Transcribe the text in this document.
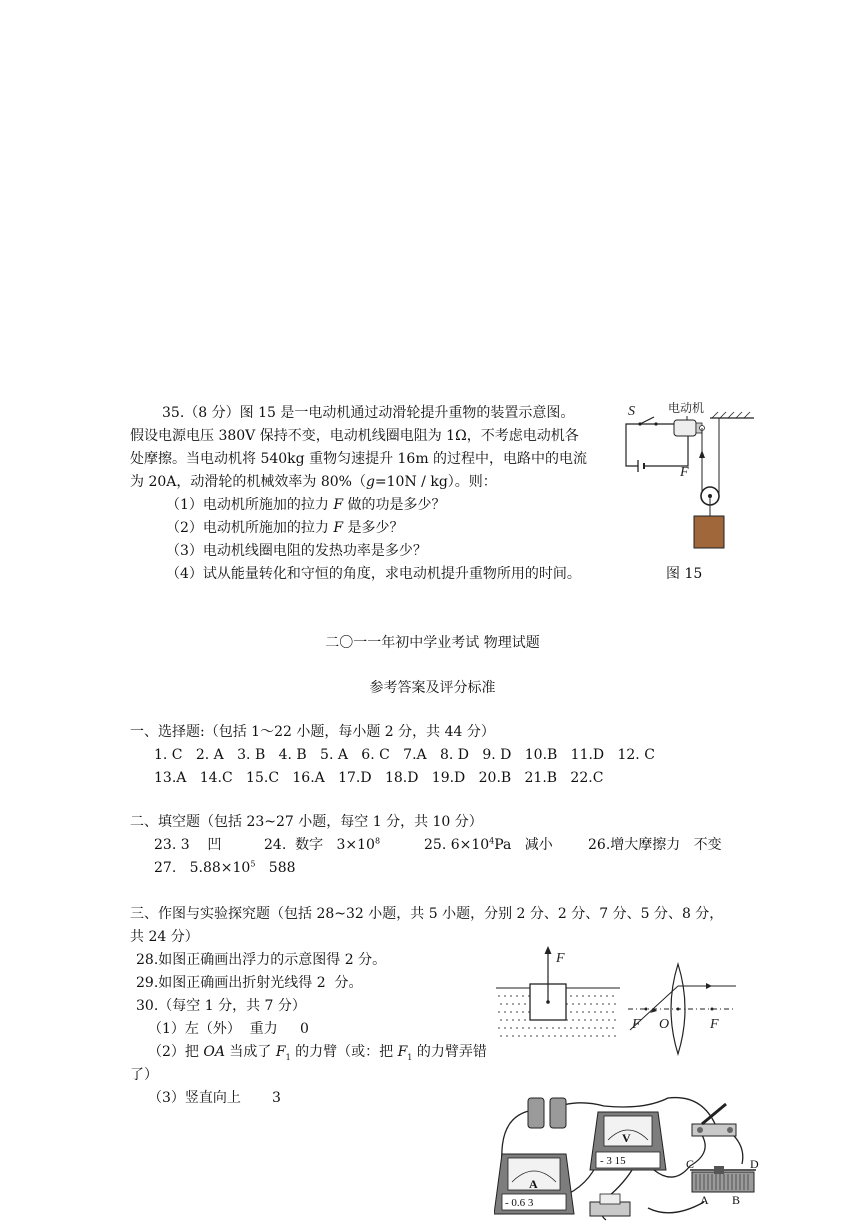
35.（8 分）图 15 是一电动机通过动滑轮提升重物的装置示意图。
假设电源电压 380V 保持不变，电动机线圈电阻为 1Ω，不考虑电动机各
处摩擦。当电动机将 540kg 重物匀速提升 16m 的过程中，电路中的电流
为 20A，动滑轮的机械效率为 80%（g=10N / kg）。则：
（1）电动机所施加的拉力 F 做的功是多少？
（2）电动机所施加的拉力 F 是多少？
（3）电动机线圈电阻的发热功率是多少？
（4）试从能量转化和守恒的角度，求电动机提升重物所用的时间。	图 15
S	电动机
F
二〇一一年初中学业考试 物理试题
参考答案及评分标准
一、选择题:（包括 1～22 小题，每小题 2 分，共 44 分）
1. C   2. A   3. B   4. B   5. A   6. C   7.A   8. D   9. D   10.B   11.D   12. C
13.A   14.C   15.C   16.A   17.D   18.D   19.D   20.B   21.B   22.C
二、填空题（包括 23~27 小题，每空 1 分，共 10 分）
23. 3    凹	24.  数字   $3\times 10^8$	25. $6\times 10^4Pa$   减小	26.增大摩擦力   不变
27.   $5.88\times 10^5$   588
三、作图与实验探究题（包括 28~32 小题，共 5 小题，分别 2 分、2 分、7 分、5 分、8 分，
共 24 分）
28.如图正确画出浮力的示意图得 2 分。
29.如图正确画出折射光线得 2  分。
30.（每空 1 分，共 7 分）
（1）左（外）  重力     0
（2）把 OA 当成了 $F_1$ 的力臂（或：把 $F_1$ 的力臂弄错
了）
（3）竖直向上       3
F
F O	F
A
- 0.6 3
V
- 3 15	C	D
A B
